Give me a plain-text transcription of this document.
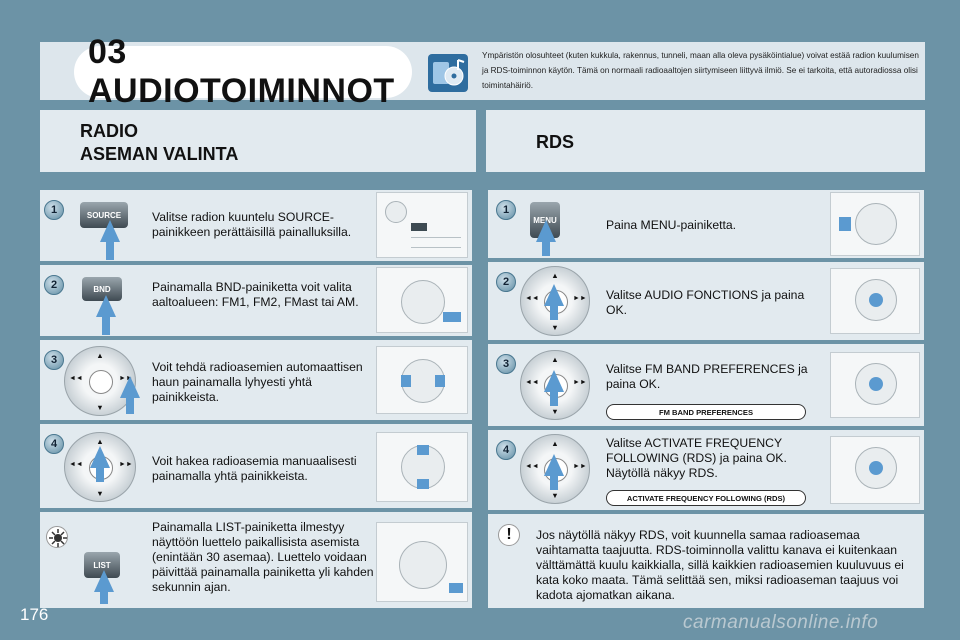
03 AUDIOTOIMINNOT
Ympäristön olosuhteet (kuten kukkula, rakennus, tunneli, maan alla oleva pysäköintialue) voivat estää radion kuulumisen ja RDS-toiminnon käytön. Tämä on normaali radioaaltojen siirtymiseen liittyvä ilmiö. Se ei tarkoita, että autoradiossa olisi toimintahäiriö.
RADIO
ASEMAN VALINTA
RDS
1	SOURCE	Valitse radion kuuntelu SOURCE-painikkeen perättäisillä painalluksilla.
2	BND	Painamalla BND-painiketta voit valita aaltoalueen: FM1, FM2, FMast tai AM.
3	▲
▼
◄◄	►►
Voit tehdä radioasemien automaattisen haun painamalla lyhyesti yhtä painikkeista.
4	▲
▼
◄◄	►► Voit hakea radioasemia manuaalisesti painamalla yhtä painikkeista.
LIST
Painamalla LIST-painiketta ilmestyy näyttöön luettelo paikallisista asemista (enintään 30 asemaa). Luettelo voidaan päivittää painamalla painiketta yli kahden sekunnin ajan.
1
MENU	Paina MENU-painiketta.
2
▲
▼
◄◄	►► Valitse AUDIO FONCTIONS ja paina OK.
3	▲
▼
◄◄	►►
Valitse FM BAND PREFERENCES ja paina OK.
FM BAND PREFERENCES
4
▲
▼
◄◄	►►
Valitse ACTIVATE FREQUENCY FOLLOWING (RDS) ja paina OK. Näytöllä näkyy RDS.
ACTIVATE FREQUENCY FOLLOWING (RDS)
!	Jos näytöllä näkyy RDS, voit kuunnella samaa radioasemaa vaihtamatta taajuutta. RDS-toiminnolla valittu kanava ei kuitenkaan välttämättä kuulu kaikkialla, sillä kaikkien radioasemien kuuluvuus ei kata koko maata. Tämä selittää sen, miksi radioaseman taajuus voi kadota ajomatkan aikana.
176	carmanualsonline.info
